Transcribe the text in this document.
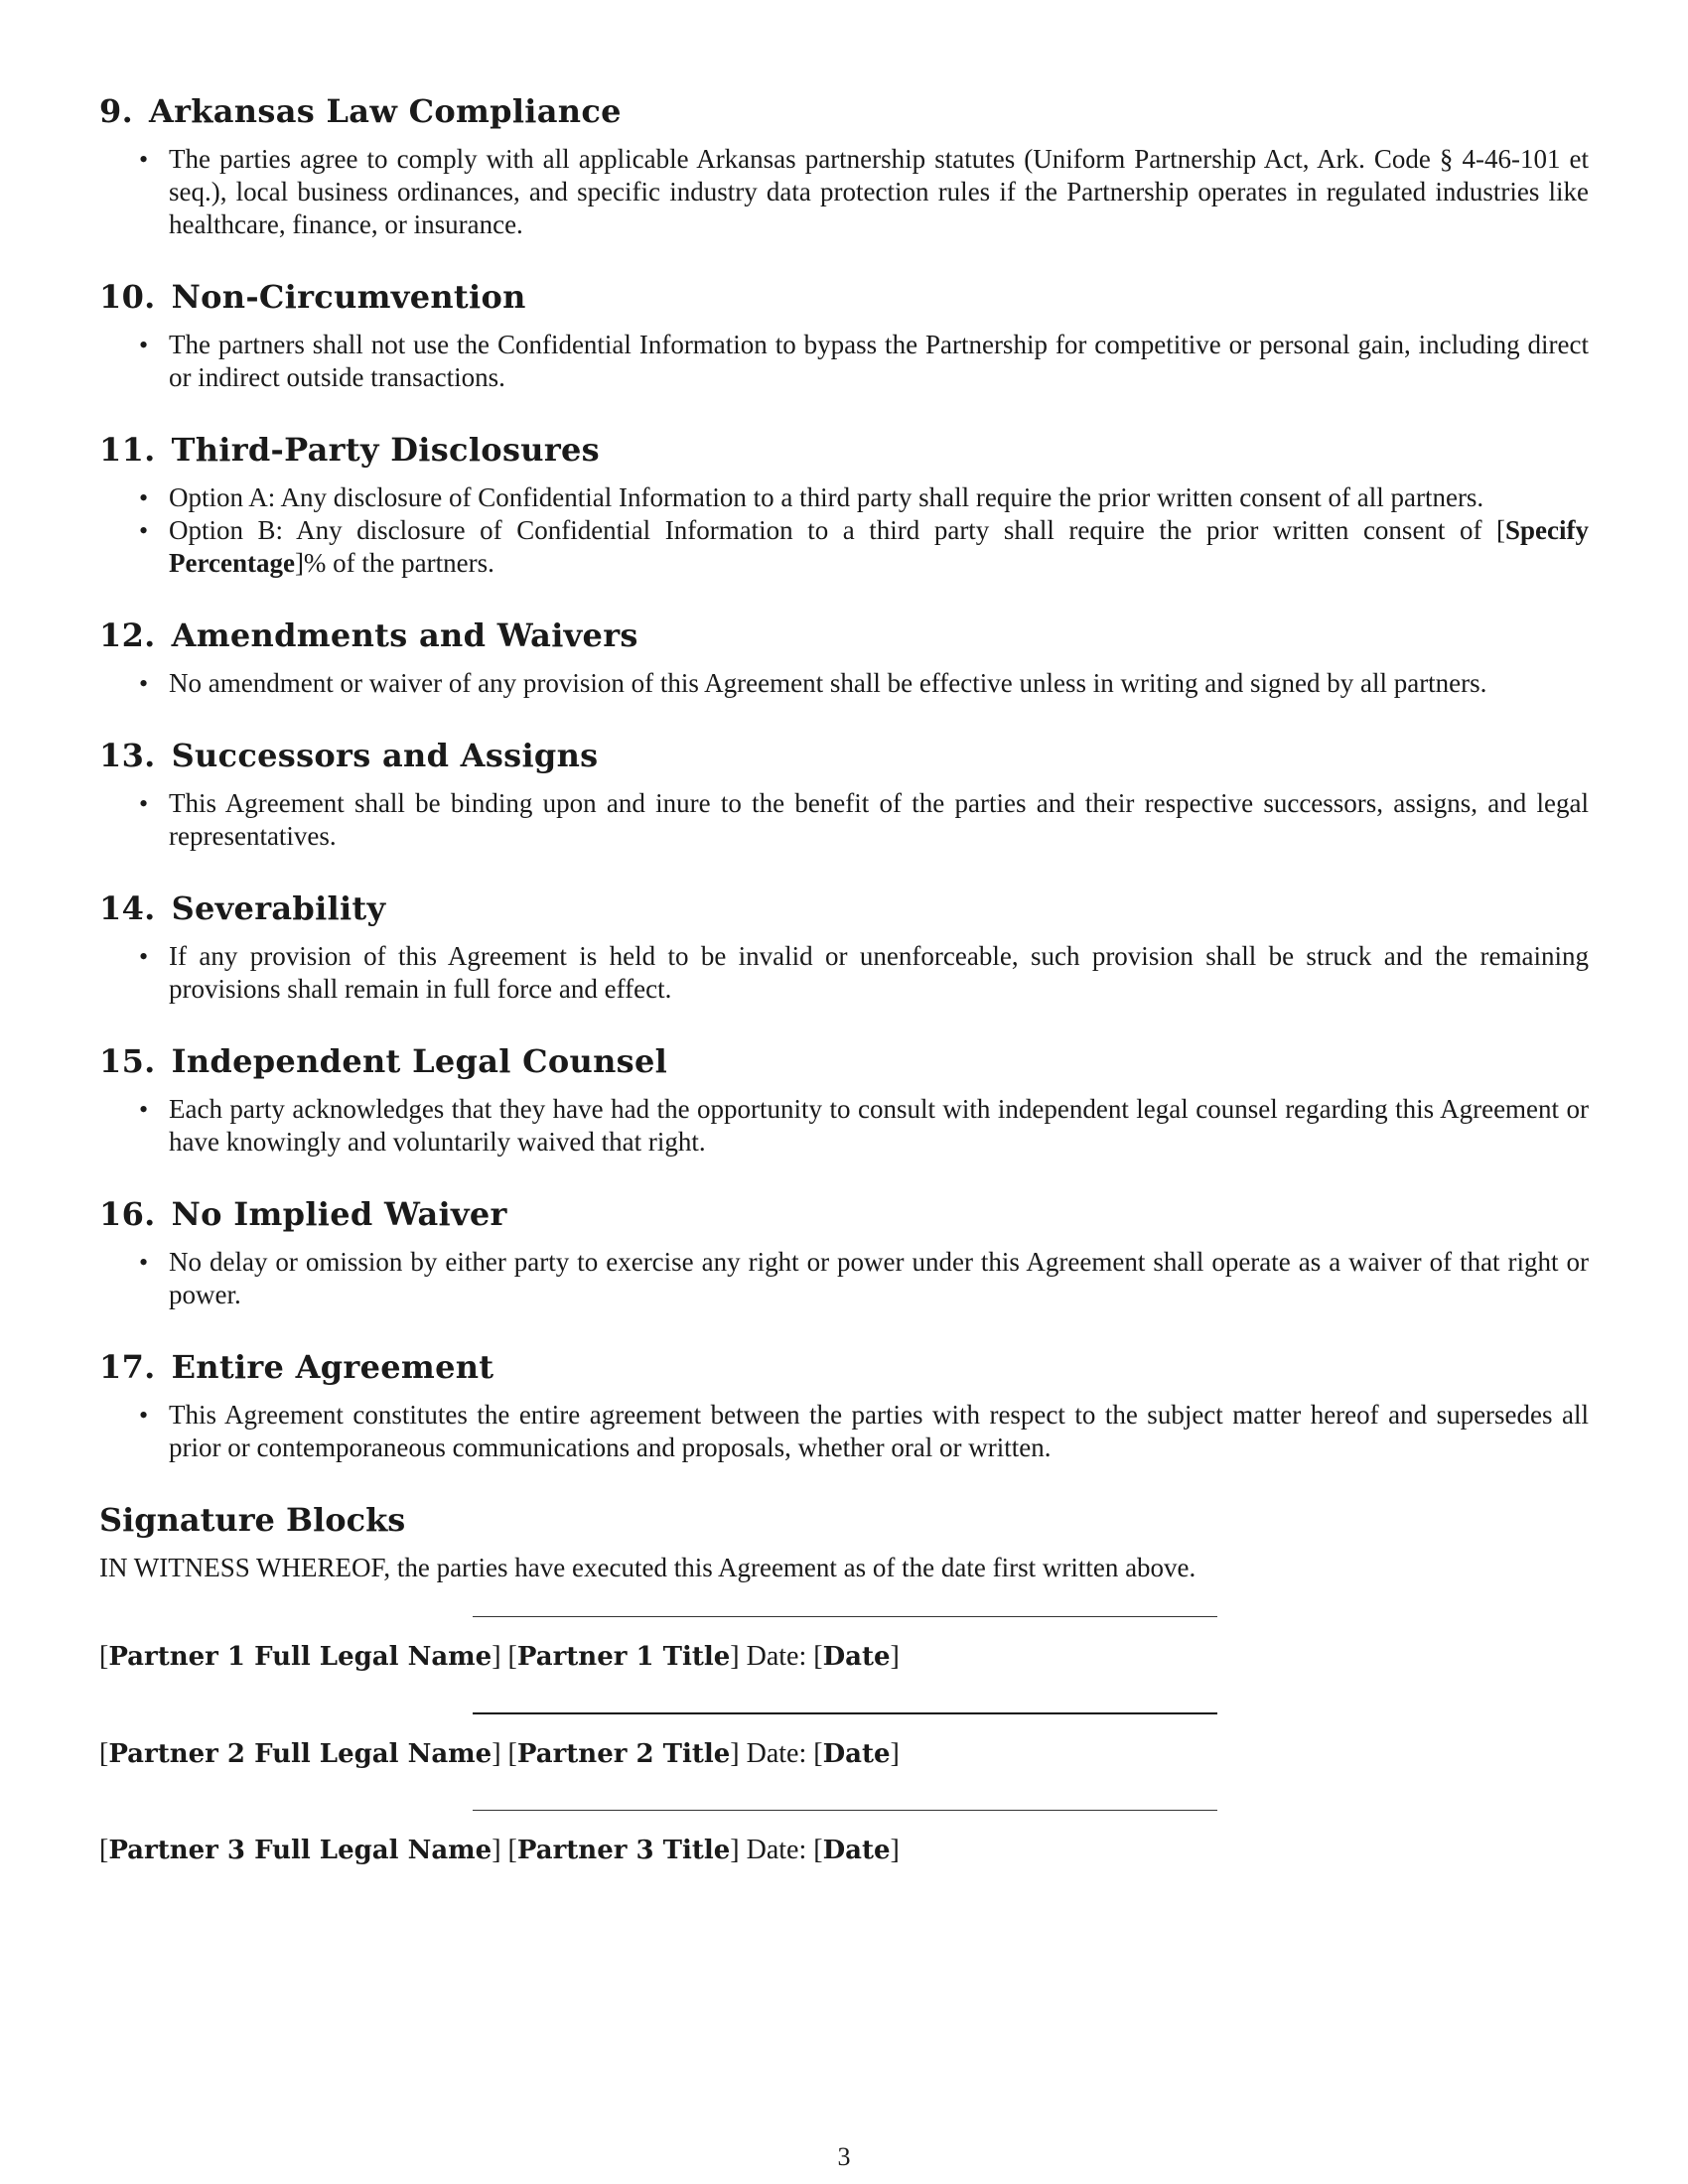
9. Arkansas Law Compliance
• The parties agree to comply with all applicable Arkansas partnership statutes (Uniform Partnership Act, Ark. Code § 4-46-101 et seq.), local business ordinances, and specific industry data protection rules if the Partnership operates in regulated industries like healthcare, finance, or insurance.
10. Non-Circumvention
• The partners shall not use the Confidential Information to bypass the Partnership for competitive or personal gain, including direct or indirect outside transactions.
11. Third-Party Disclosures
• Option A: Any disclosure of Confidential Information to a third party shall require the prior written consent of all partners.
• Option B: Any disclosure of Confidential Information to a third party shall require the prior written consent of [Specify Percentage]% of the partners.
12. Amendments and Waivers
• No amendment or waiver of any provision of this Agreement shall be effective unless in writing and signed by all partners.
13. Successors and Assigns
• This Agreement shall be binding upon and inure to the benefit of the parties and their respective successors, assigns, and legal representatives.
14. Severability
• If any provision of this Agreement is held to be invalid or unenforceable, such provision shall be struck and the remaining provisions shall remain in full force and effect.
15. Independent Legal Counsel
• Each party acknowledges that they have had the opportunity to consult with independent legal counsel regarding this Agreement or have knowingly and voluntarily waived that right.
16. No Implied Waiver
• No delay or omission by either party to exercise any right or power under this Agreement shall operate as a waiver of that right or power.
17. Entire Agreement
• This Agreement constitutes the entire agreement between the parties with respect to the subject matter hereof and supersedes all prior or contemporaneous communications and proposals, whether oral or written.
Signature Blocks

IN WITNESS WHEREOF, the parties have executed this Agreement as of the date first written above.

[Partner 1 Full Legal Name] [Partner 1 Title] Date: [Date]
[Partner 2 Full Legal Name] [Partner 2 Title] Date: [Date]
[Partner 3 Full Legal Name] [Partner 3 Title] Date: [Date]
3
